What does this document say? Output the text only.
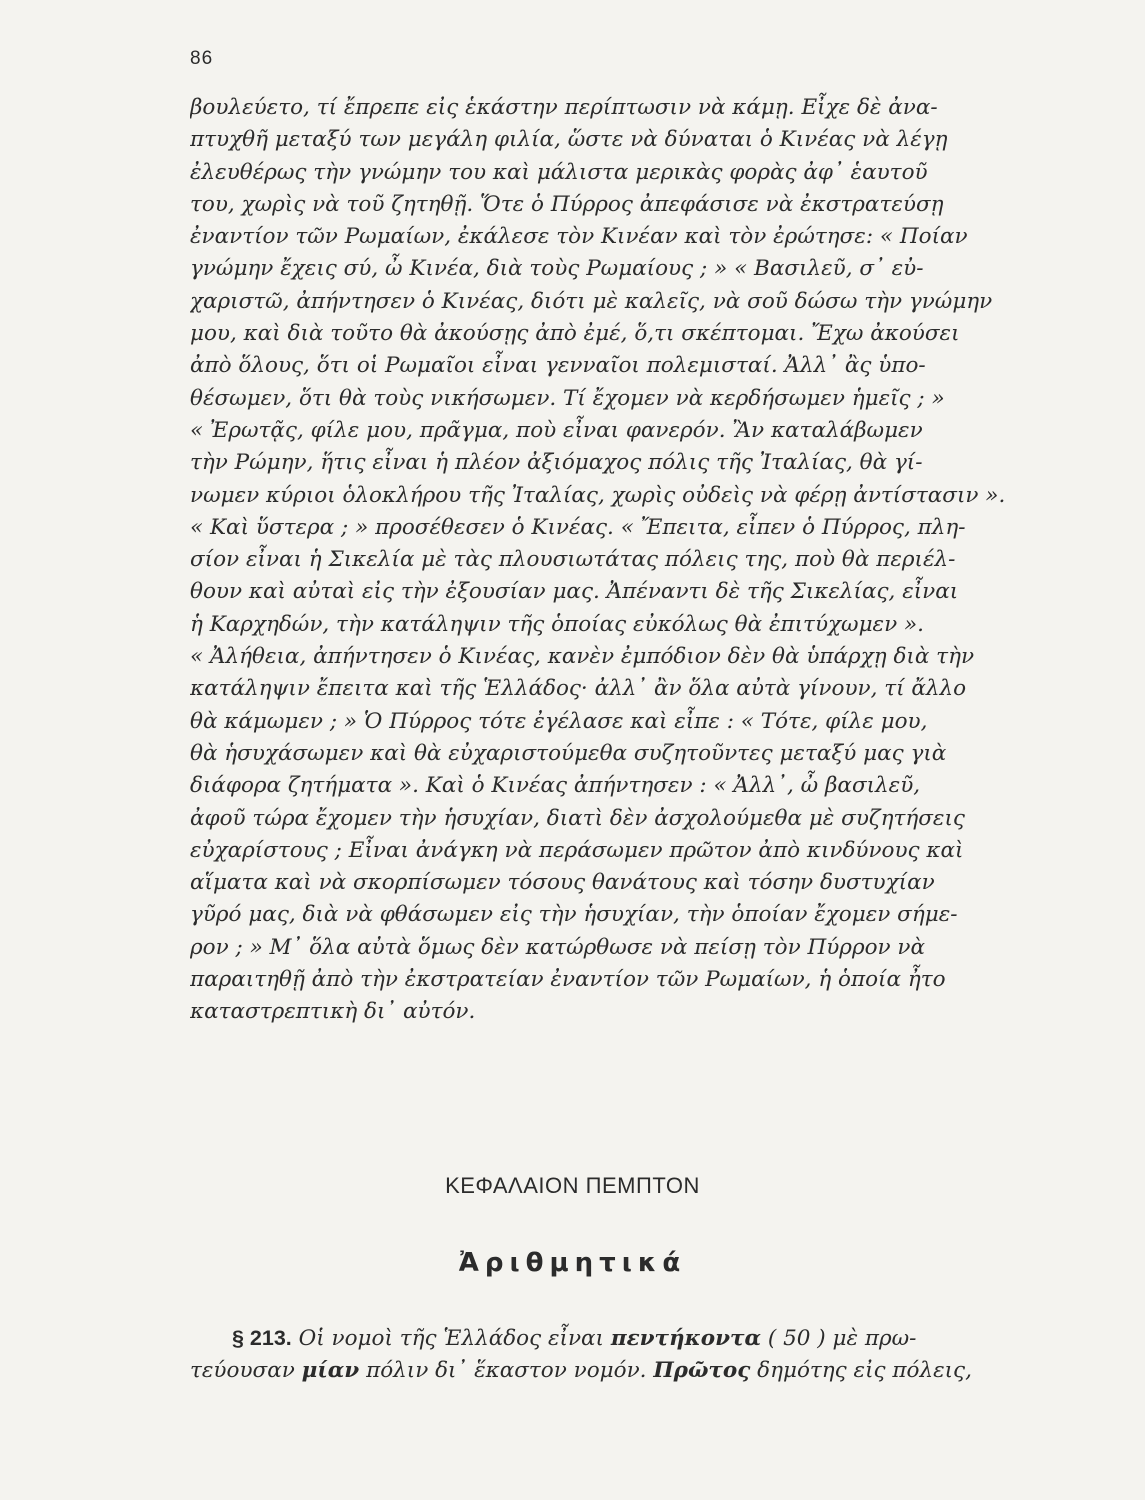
86
βουλεύετο, τί ἔπρεπε εἰς ἑκάστην περίπτωσιν νὰ κάμῃ. Εἶχε δὲ ἀνα-
πτυχθῆ μεταξύ των μεγάλη φιλία, ὥστε νὰ δύναται ὁ Κινέας νὰ λέγῃ
ἐλευθέρως τὴν γνώμην του καὶ μάλιστα μερικὰς φορὰς ἀφ᾽ ἑαυτοῦ
του, χωρὶς νὰ τοῦ ζητηθῇ. Ὅτε ὁ Πύρρος ἀπεφάσισε νὰ ἐκστρατεύσῃ
ἐναντίον τῶν Ρωμαίων, ἐκάλεσε τὸν Κινέαν καὶ τὸν ἐρώτησε: « Ποίαν
γνώμην ἔχεις σύ, ὦ Κινέα, διὰ τοὺς Ρωμαίους ; » « Βασιλεῦ, σ᾽ εὐ-
χαριστῶ, ἀπήντησεν ὁ Κινέας, διότι μὲ καλεῖς, νὰ σοῦ δώσω τὴν γνώμην
μου, καὶ διὰ τοῦτο θὰ ἀκούσῃς ἀπὸ ἐμέ, ὅ,τι σκέπτομαι. Ἔχω ἀκούσει
ἀπὸ ὅλους, ὅτι οἱ Ρωμαῖοι εἶναι γενναῖοι πολεμισταί. Ἀλλ᾽ ἂς ὑπο-
θέσωμεν, ὅτι θὰ τοὺς νικήσωμεν. Τί ἔχομεν νὰ κερδήσωμεν ἡμεῖς ; »
« Ἐρωτᾷς, φίλε μου, πρᾶγμα, ποὺ εἶναι φανερόν. Ἂν καταλάβωμεν
τὴν Ρώμην, ἥτις εἶναι ἡ πλέον ἀξιόμαχος πόλις τῆς Ἰταλίας, θὰ γί-
νωμεν κύριοι ὁλοκλήρου τῆς Ἰταλίας, χωρὶς οὐδεὶς νὰ φέρῃ ἀντίστασιν ».
« Καὶ ὕστερα ; » προσέθεσεν ὁ Κινέας. « Ἔπειτα, εἶπεν ὁ Πύρρος, πλη-
σίον εἶναι ἡ Σικελία μὲ τὰς πλουσιωτάτας πόλεις της, ποὺ θὰ περιέλ-
θουν καὶ αὐταὶ εἰς τὴν ἐξουσίαν μας. Ἀπέναντι δὲ τῆς Σικελίας, εἶναι
ἡ Καρχηδών, τὴν κατάληψιν τῆς ὁποίας εὐκόλως θὰ ἐπιτύχωμεν ».
« Ἀλήθεια, ἀπήντησεν ὁ Κινέας, κανὲν ἐμπόδιον δὲν θὰ ὑπάρχῃ διὰ τὴν
κατάληψιν ἔπειτα καὶ τῆς Ἑλλάδος· ἀλλ᾽ ἂν ὅλα αὐτὰ γίνουν, τί ἄλλο
θὰ κάμωμεν ; » Ὁ Πύρρος τότε ἐγέλασε καὶ εἶπε : « Τότε, φίλε μου,
θὰ ἡσυχάσωμεν καὶ θὰ εὐχαριστούμεθα συζητοῦντες μεταξύ μας γιὰ
διάφορα ζητήματα ». Καὶ ὁ Κινέας ἀπήντησεν : « Ἀλλ᾽, ὦ βασιλεῦ,
ἀφοῦ τώρα ἔχομεν τὴν ἡσυχίαν, διατὶ δὲν ἀσχολούμεθα μὲ συζητήσεις
εὐχαρίστους ; Εἶναι ἀνάγκη νὰ περάσωμεν πρῶτον ἀπὸ κινδύνους καὶ
αἵματα καὶ νὰ σκορπίσωμεν τόσους θανάτους καὶ τόσην δυστυχίαν
γῦρό μας, διὰ νὰ φθάσωμεν εἰς τὴν ἡσυχίαν, τὴν ὁποίαν ἔχομεν σήμε-
ρον ; » Μ᾽ ὅλα αὐτὰ ὅμως δὲν κατώρθωσε νὰ πείσῃ τὸν Πύρρον νὰ
παραιτηθῇ ἀπὸ τὴν ἐκστρατείαν ἐναντίον τῶν Ρωμαίων, ἡ ὁποία ἦτο
καταστρεπτικὴ δι᾽ αὐτόν.
ΚΕΦΑΛΑΙΟΝ ΠΕΜΠΤΟΝ
Ἀριθμητικά
§ 213. Οἱ νομοὶ τῆς Ἑλλάδος εἶναι πεντήκοντα ( 50 ) μὲ πρω-
τεύουσαν μίαν πόλιν δι᾽ ἕκαστον νομόν. Πρῶτος δημότης εἰς πόλεις,
